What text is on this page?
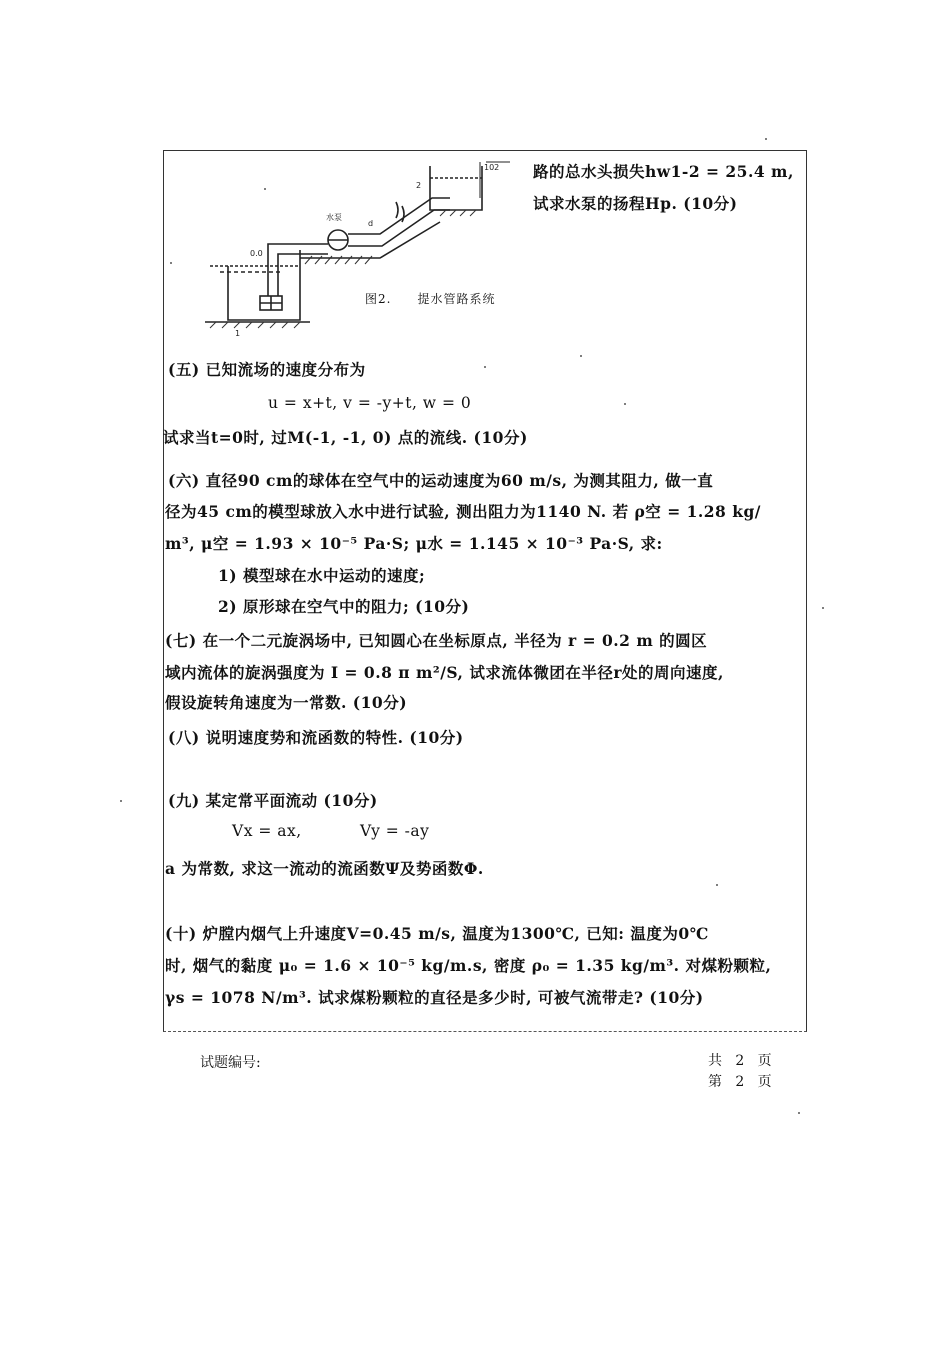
102
2
1
0.0
d
水泵
图2. 提水管路系统
路的总水头损失hw1-2 = 25.4 m,
试求水泵的扬程Hp. (10分)
(五) 已知流场的速度分布为
u = x+t, v = -y+t, w = 0
试求当t=0时, 过M(-1, -1, 0) 点的流线. (10分)
(六) 直径90 cm的球体在空气中的运动速度为60 m/s, 为测其阻力, 做一直
径为45 cm的模型球放入水中进行试验, 测出阻力为1140 N. 若 ρ空 = 1.28 kg/
m³, μ空 = 1.93 × 10⁻⁵ Pa·S; μ水 = 1.145 × 10⁻³ Pa·S, 求:
1) 模型球在水中运动的速度;
2) 原形球在空气中的阻力; (10分)
(七) 在一个二元旋涡场中, 已知圆心在坐标原点, 半径为 r = 0.2 m 的圆区
域内流体的旋涡强度为 I = 0.8 π m²/S, 试求流体微团在半径r处的周向速度,
假设旋转角速度为一常数. (10分)
(八) 说明速度势和流函数的特性. (10分)
(九) 某定常平面流动 (10分)
Vx = ax,	Vy = -ay
a 为常数, 求这一流动的流函数Ψ及势函数Φ.
(十) 炉膛内烟气上升速度V=0.45 m/s, 温度为1300℃, 已知: 温度为0℃
时, 烟气的黏度 μ₀ = 1.6 × 10⁻⁵ kg/m.s, 密度 ρ₀ = 1.35 kg/m³. 对煤粉颗粒,
γs = 1078 N/m³. 试求煤粉颗粒的直径是多少时, 可被气流带走? (10分)
试题编号:	共 2 页
第 2 页
